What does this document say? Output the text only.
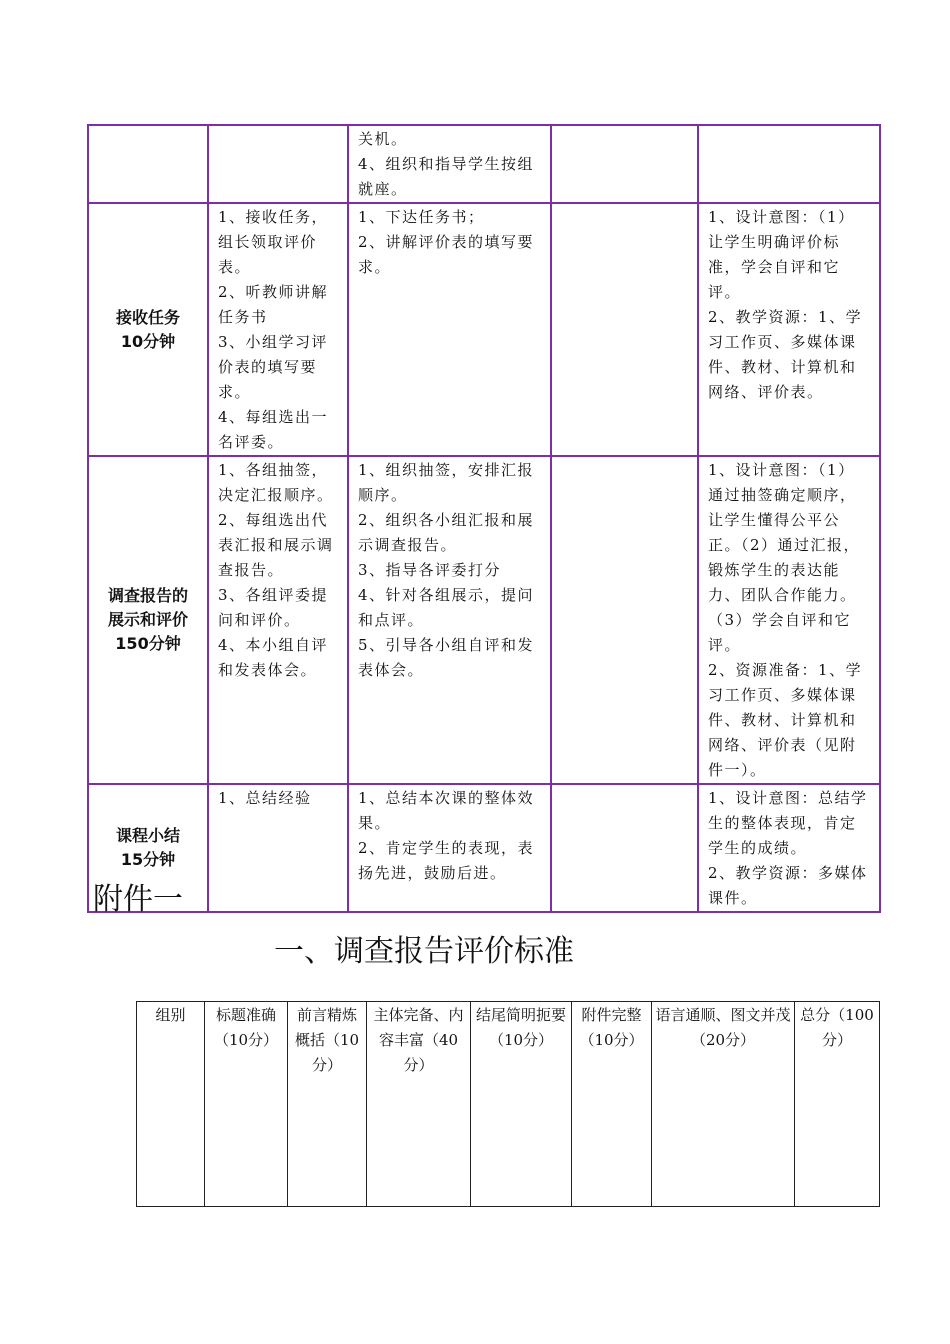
		关机。
4、组织和指导学生按组就座。		

接收任务
10分钟	1、接收任务，组长领取评价表。
2、听教师讲解任务书
3、小组学习评价表的填写要求。
4、每组选出一名评委。	1、下达任务书；
2、讲解评价表的填写要求。		1、设计意图：（1）让学生明确评价标准，学会自评和它评。
2、教学资源：1、学习工作页、多媒体课件、教材、计算机和网络、评价表。

调查报告的
展示和评价
150分钟	1、各组抽签，决定汇报顺序。
2、每组选出代表汇报和展示调查报告。
3、各组评委提问和评价。
4、本小组自评和发表体会。	1、组织抽签，安排汇报顺序。
2、组织各小组汇报和展示调查报告。
3、指导各评委打分
4、针对各组展示，提问和点评。
5、引导各小组自评和发表体会。		1、设计意图：（1）通过抽签确定顺序，让学生懂得公平公正。（2）通过汇报，锻炼学生的表达能力、团队合作能力。（3）学会自评和它评。
2、资源准备：1、学习工作页、多媒体课件、教材、计算机和网络、评价表（见附件一）。

课程小结
15分钟	1、总结经验	1、总结本次课的整体效果。
2、肯定学生的表现，表扬先进，鼓励后进。		1、设计意图：总结学生的整体表现，肯定学生的成绩。
2、教学资源：多媒体课件。
附件一
一、调查报告评价标准
组别	标题准确（10分）	前言精炼概括（10分）	主体完备、内容丰富（40分）	结尾简明扼要（10分）	附件完整（10分）	语言通顺、图文并茂（20分）	总分（100分）
